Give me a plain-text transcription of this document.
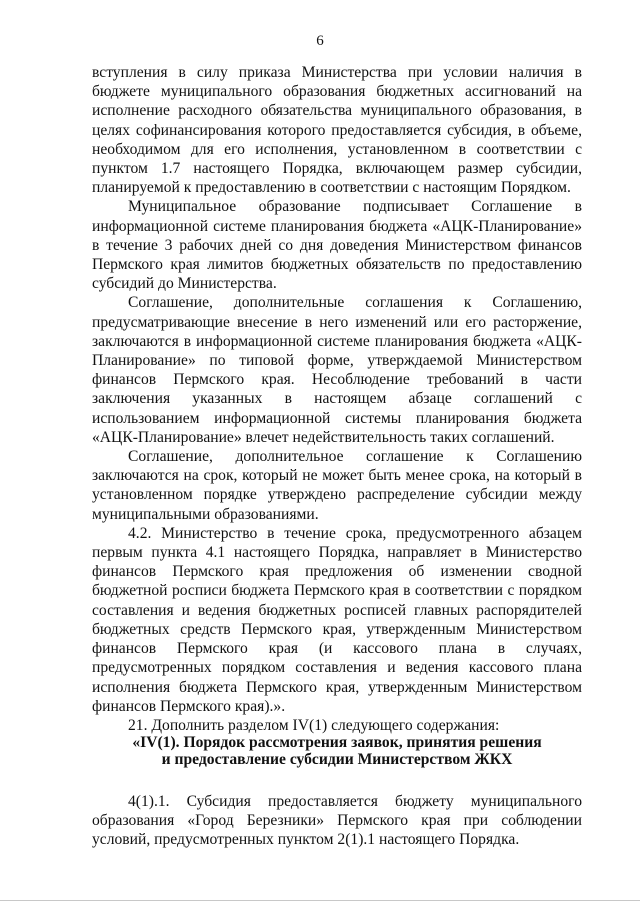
6

вступления в силу приказа Министерства при условии наличия в бюджете муниципального образования бюджетных ассигнований на исполнение расходного обязательства муниципального образования, в целях софинансирования которого предоставляется субсидия, в объеме, необходимом для его исполнения, установленном в соответствии с пунктом 1.7 настоящего Порядка, включающем размер субсидии, планируемой к предоставлению в соответствии с настоящим Порядком.

Муниципальное образование подписывает Соглашение в информационной системе планирования бюджета «АЦК-Планирование» в течение 3 рабочих дней со дня доведения Министерством финансов Пермского края лимитов бюджетных обязательств по предоставлению субсидий до Министерства.

Соглашение, дополнительные соглашения к Соглашению, предусматривающие внесение в него изменений или его расторжение, заключаются в информационной системе планирования бюджета «АЦК-Планирование» по типовой форме, утверждаемой Министерством финансов Пермского края. Несоблюдение требований в части заключения указанных в настоящем абзаце соглашений с использованием информационной системы планирования бюджета «АЦК-Планирование» влечет недействительность таких соглашений.

Соглашение, дополнительное соглашение к Соглашению заключаются на срок, который не может быть менее срока, на который в установленном порядке утверждено распределение субсидии между муниципальными образованиями.

4.2. Министерство в течение срока, предусмотренного абзацем первым пункта 4.1 настоящего Порядка, направляет в Министерство финансов Пермского края предложения об изменении сводной бюджетной росписи бюджета Пермского края в соответствии с порядком составления и ведения бюджетных росписей главных распорядителей бюджетных средств Пермского края, утвержденным Министерством финансов Пермского края (и кассового плана в случаях, предусмотренных порядком составления и ведения кассового плана исполнения бюджета Пермского края, утвержденным Министерством финансов Пермского края).».

21. Дополнить разделом IV(1) следующего содержания:

«IV(1). Порядок рассмотрения заявок, принятия решения
и предоставление субсидии Министерством ЖКХ

4(1).1. Субсидия предоставляется бюджету муниципального образования «Город Березники» Пермского края при соблюдении условий, предусмотренных пунктом 2(1).1 настоящего Порядка.
